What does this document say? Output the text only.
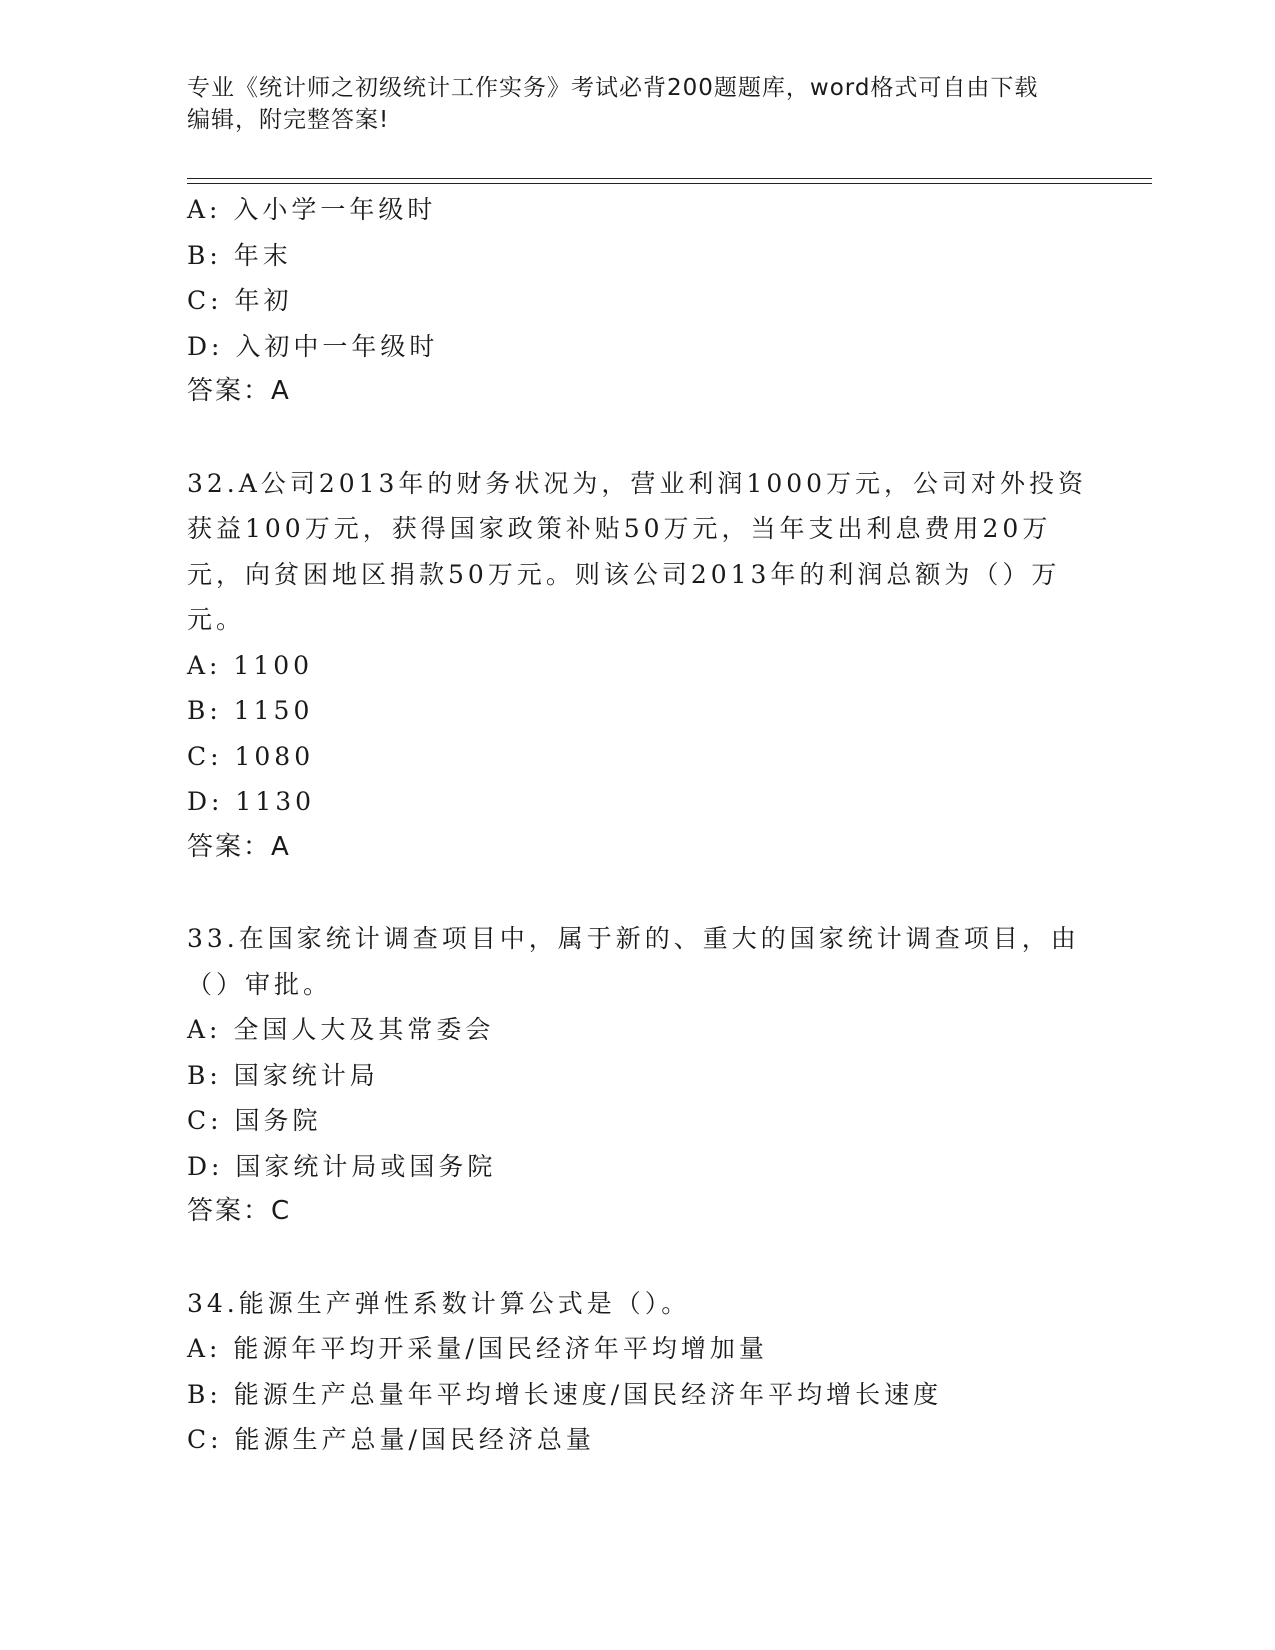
专业《统计师之初级统计工作实务》考试必背200题题库，word格式可自由下载
编辑，附完整答案!
A: 入小学一年级时
B: 年末
C: 年初
D: 入初中一年级时
答案：A
32.A公司2013年的财务状况为，营业利润1000万元，公司对外投资
获益100万元，获得国家政策补贴50万元，当年支出利息费用20万
元，向贫困地区捐款50万元。则该公司2013年的利润总额为（）万
元。
A: 1100
B: 1150
C: 1080
D: 1130
答案：A
33.在国家统计调查项目中，属于新的、重大的国家统计调查项目，由
（）审批。
A: 全国人大及其常委会
B: 国家统计局
C: 国务院
D: 国家统计局或国务院
答案：C
34.能源生产弹性系数计算公式是（）。
A: 能源年平均开采量/国民经济年平均增加量
B: 能源生产总量年平均增长速度/国民经济年平均增长速度
C: 能源生产总量/国民经济总量
